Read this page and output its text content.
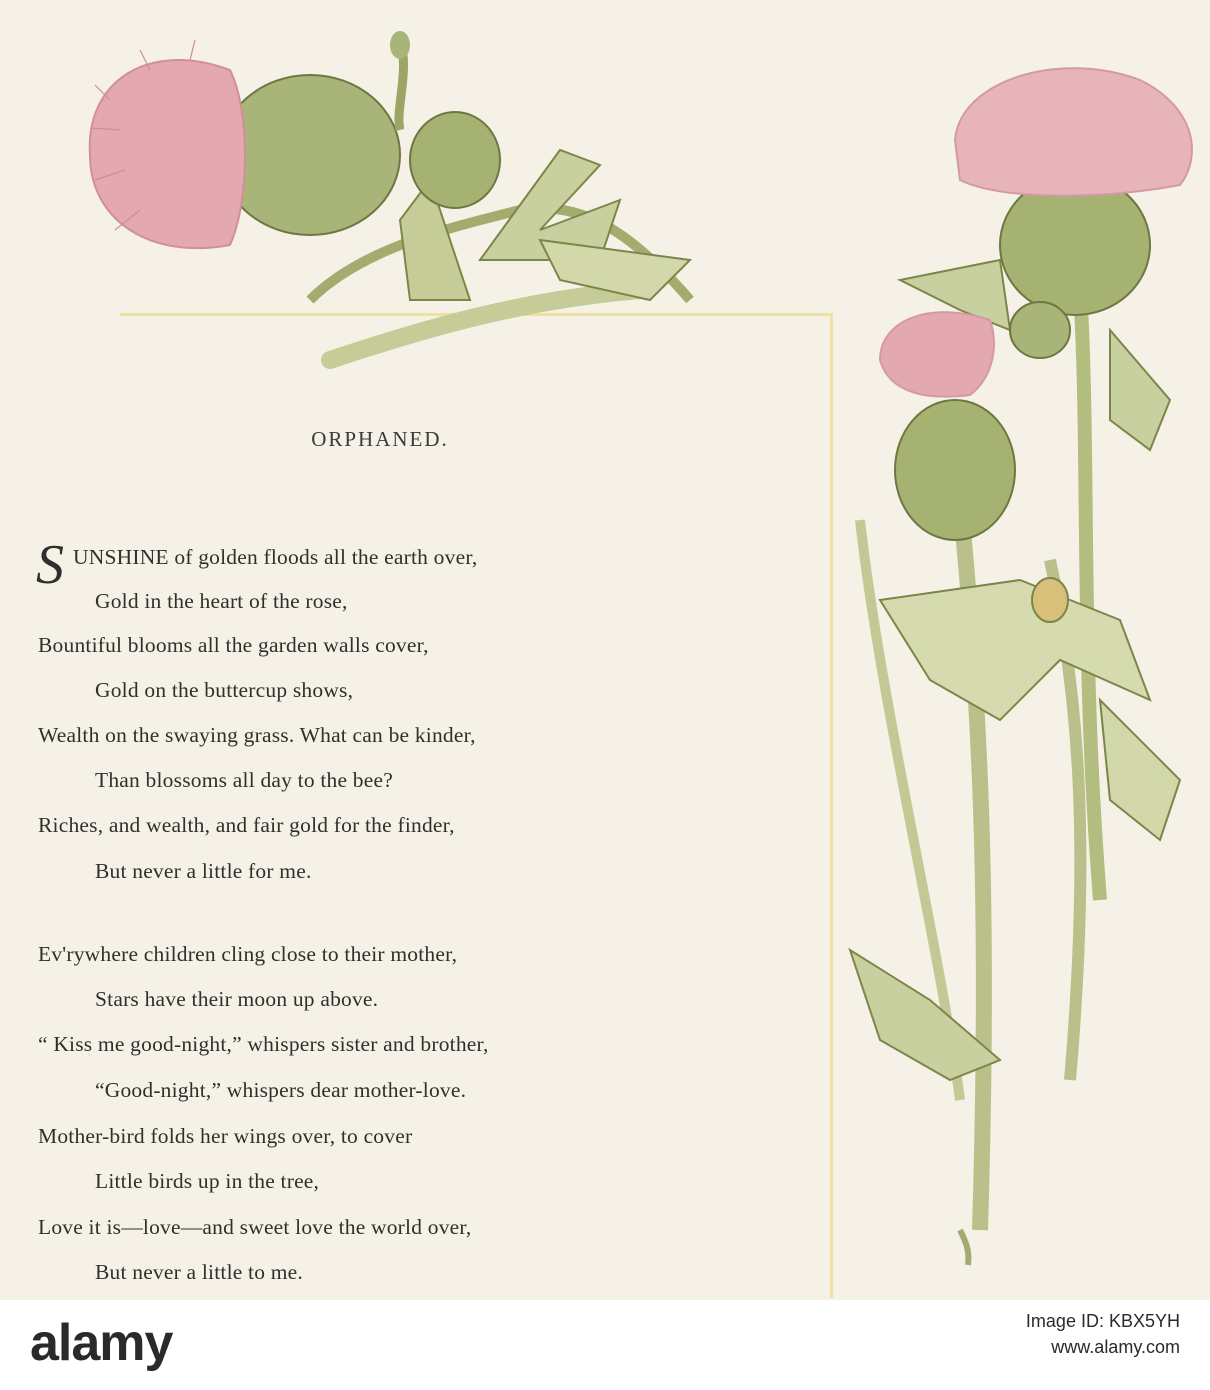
ORPHANED.
S UNSHINE of golden floods all the earth over,
Gold in the heart of the rose,
Bountiful blooms all the garden walls cover,
Gold on the buttercup shows,
Wealth on the swaying grass. What can be kinder,
Than blossoms all day to the bee?
Riches, and wealth, and fair gold for the finder,
But never a little for me.
Ev'rywhere children cling close to their mother,
Stars have their moon up above.
“ Kiss me good-night,” whispers sister and brother,
“Good-night,” whispers dear mother-love.
Mother-bird folds her wings over, to cover
Little birds up in the tree,
Love it is—love—and sweet love the world over,
But never a little to me.
alamy	Image ID: KBX5YH
www.alamy.com
